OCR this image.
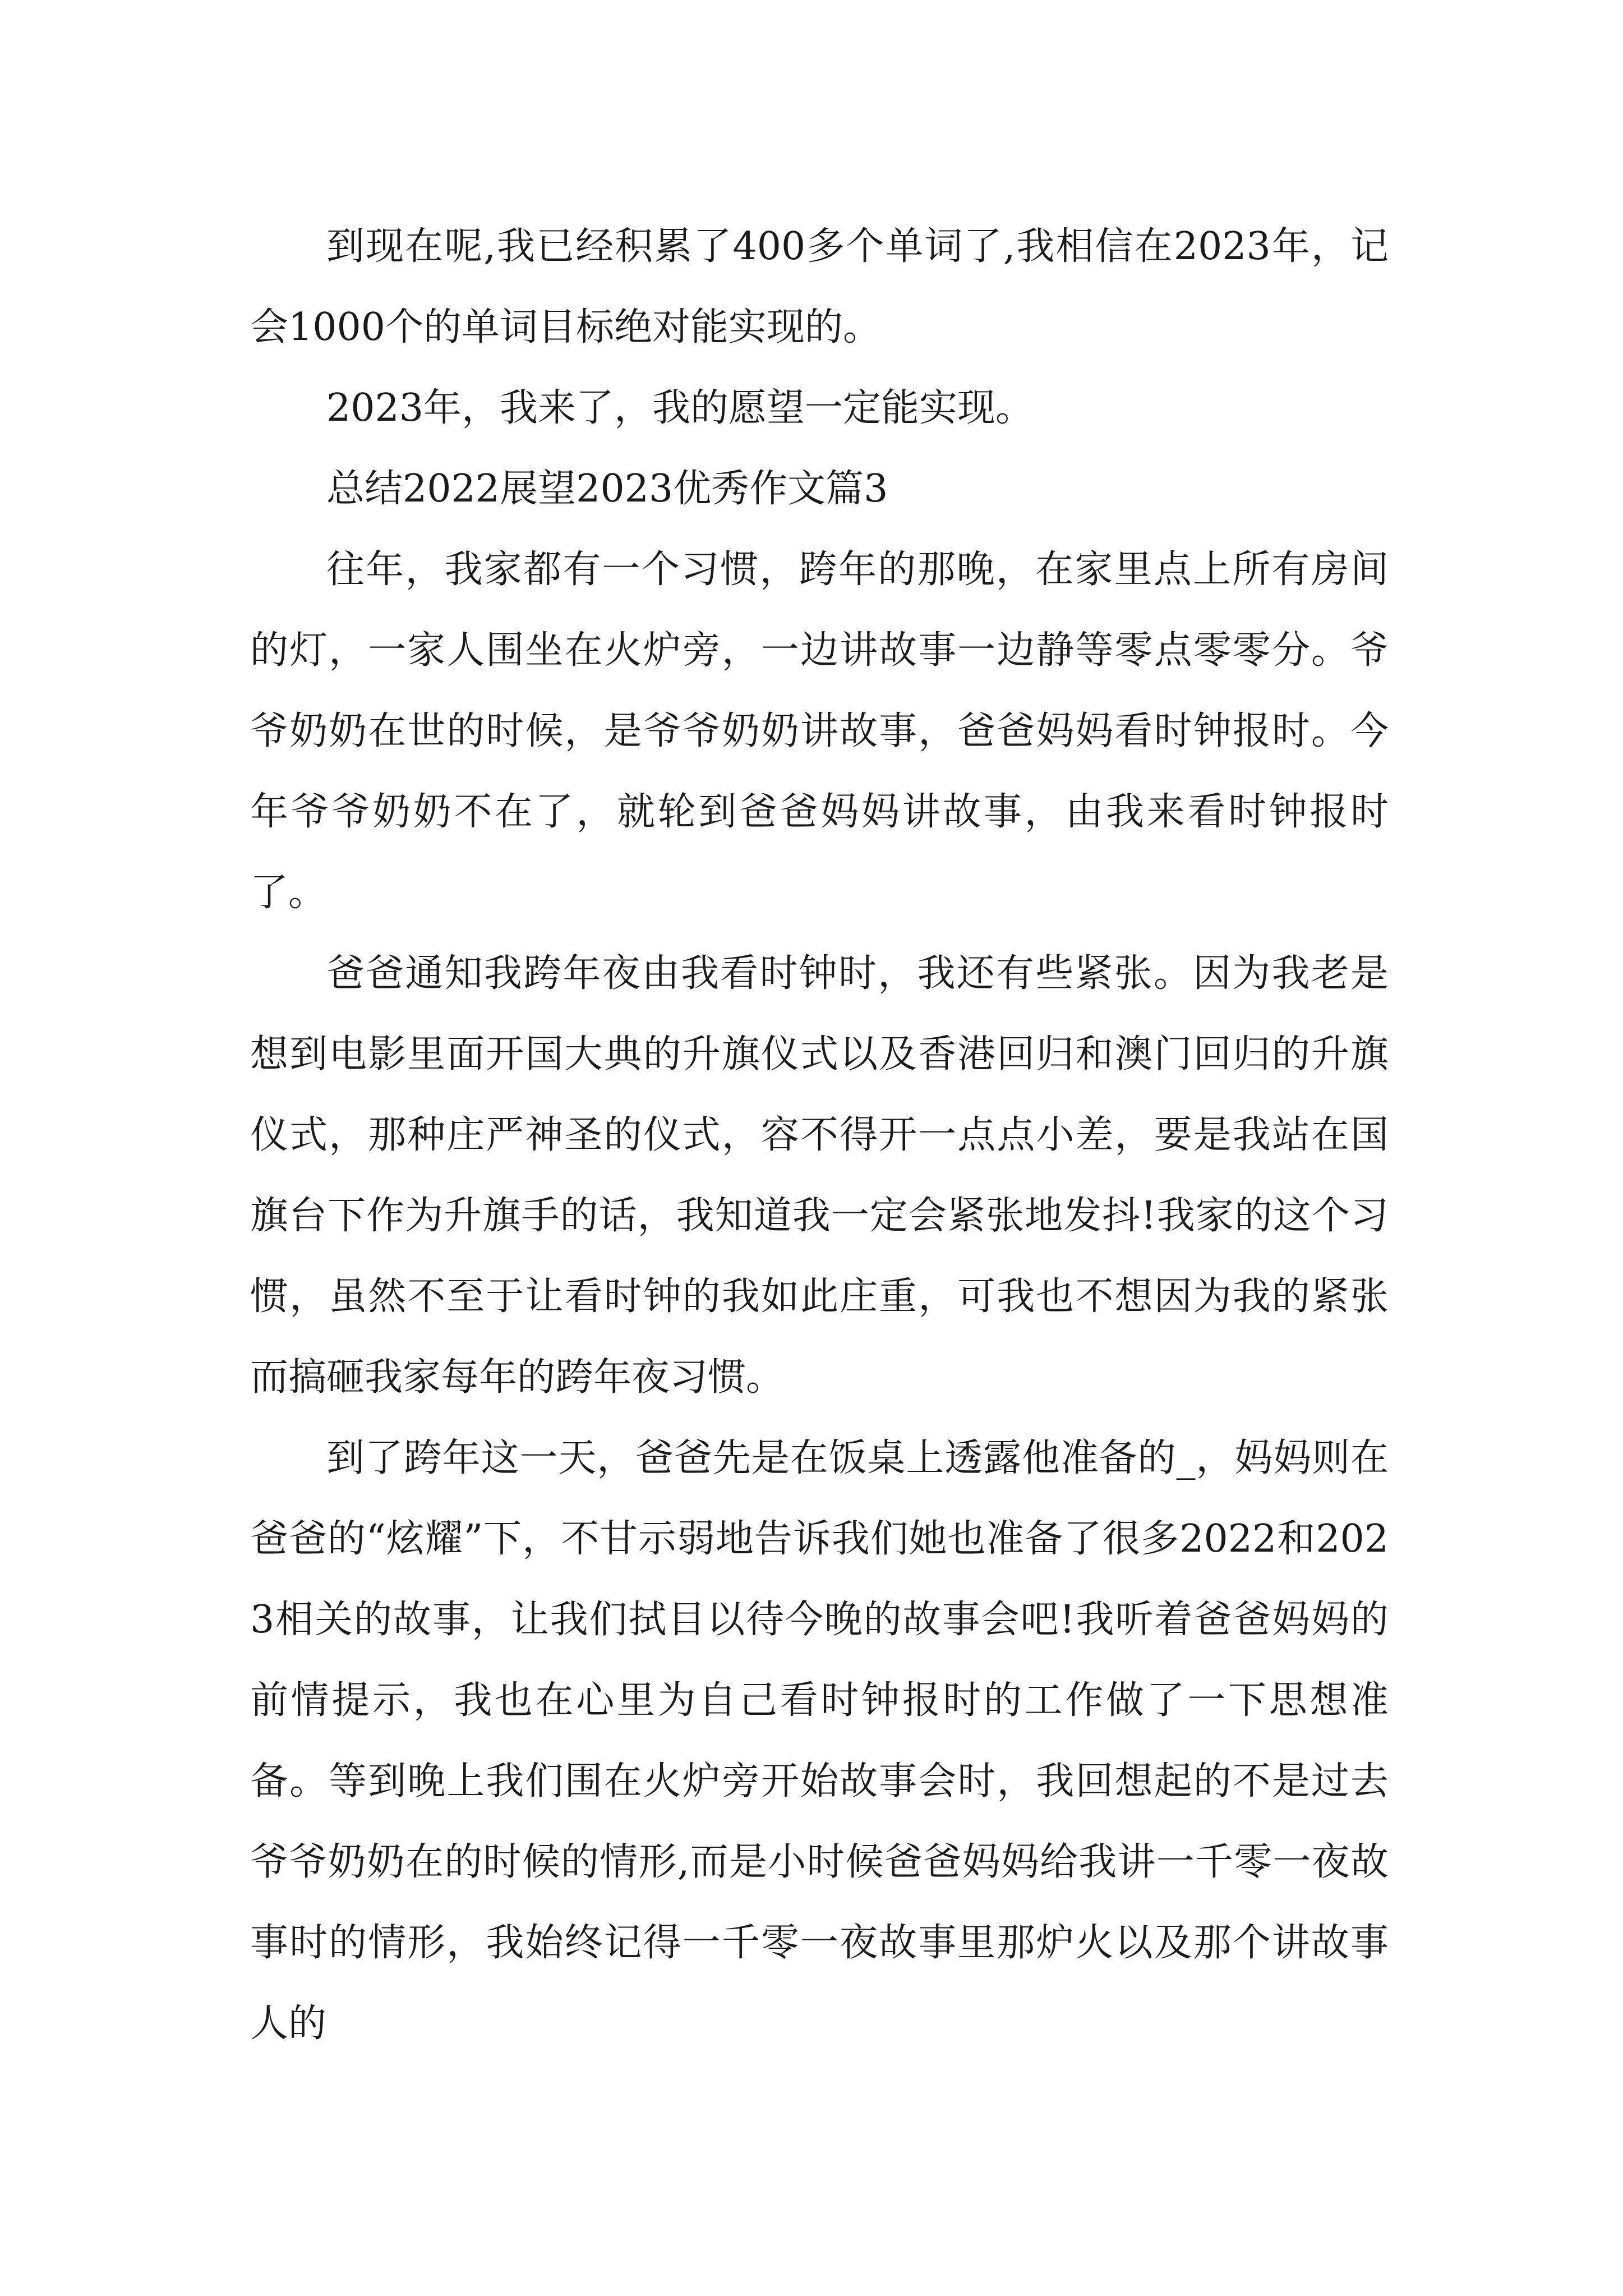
到现在呢,我已经积累了400多个单词了,我相信在2023年，记会1000个的单词目标绝对能实现的。

2023年，我来了，我的愿望一定能实现。

总结2022展望2023优秀作文篇3

往年，我家都有一个习惯，跨年的那晚，在家里点上所有房间的灯，一家人围坐在火炉旁，一边讲故事一边静等零点零零分。爷爷奶奶在世的时候，是爷爷奶奶讲故事，爸爸妈妈看时钟报时。今年爷爷奶奶不在了，就轮到爸爸妈妈讲故事，由我来看时钟报时了。

爸爸通知我跨年夜由我看时钟时，我还有些紧张。因为我老是想到电影里面开国大典的升旗仪式以及香港回归和澳门回归的升旗仪式，那种庄严神圣的仪式，容不得开一点点小差，要是我站在国旗台下作为升旗手的话，我知道我一定会紧张地发抖!我家的这个习惯，虽然不至于让看时钟的我如此庄重，可我也不想因为我的紧张而搞砸我家每年的跨年夜习惯。

到了跨年这一天，爸爸先是在饭桌上透露他准备的_，妈妈则在爸爸的“炫耀”下，不甘示弱地告诉我们她也准备了很多2022和2023相关的故事，让我们拭目以待今晚的故事会吧!我听着爸爸妈妈的前情提示，我也在心里为自己看时钟报时的工作做了一下思想准备。等到晚上我们围在火炉旁开始故事会时，我回想起的不是过去爷爷奶奶在的时候的情形,而是小时候爸爸妈妈给我讲一千零一夜故事时的情形，我始终记得一千零一夜故事里那炉火以及那个讲故事人的
